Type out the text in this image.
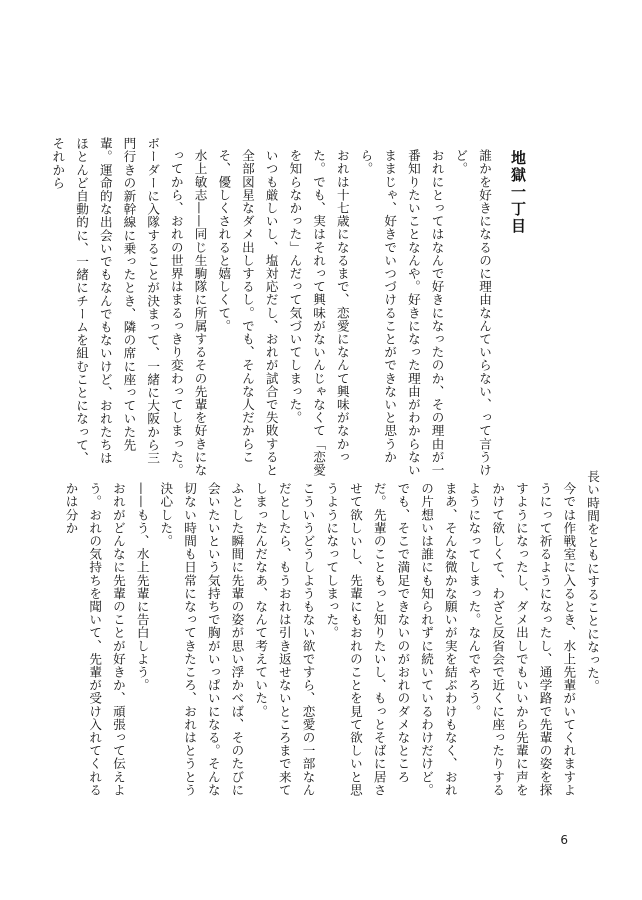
地獄一丁目

誰かを好きになるのに理由なんていらない、って言うけど。

おれにとってはなんで好きになったのか、その理由が一番知りたいことなんや。好きになった理由がわからないままじゃ、好きでいつづけることができないと思うから。

おれは十七歳になるまで、恋愛になんて興味がなかった。でも、実はそれって興味がないんじゃなくて「恋愛を知らなかった」んだって気づいてしまった。

いつも厳しいし、塩対応だし、おれが試合で失敗すると全部図星なダメ出しするし。でも、そんな人だからこそ、優しくされると嬉しくて。

水上敏志——同じ生駒隊に所属するその先輩を好きになってから、おれの世界はまるっきり変わってしまった。

ボーダーに入隊することが決まって、一緒に大阪から三門行きの新幹線に乗ったとき、隣の席に座っていた先輩。運命的な出会いでもなんでもないけど、おれたちはほとんど自動的に、一緒にチームを組むことになって、それから

長い時間をともにすることになった。

今では作戦室に入るとき、水上先輩がいてくれますようにって祈るようになったし、通学路で先輩の姿を探すようになったし、ダメ出しでもいいから先輩に声をかけて欲しくて、わざと反省会で近くに座ったりするようになってしまった。なんでやろう。

まあ、そんな微かな願いが実を結ぶわけもなく、おれの片想いは誰にも知られずに続いているわけだけど。

でも、そこで満足できないのがおれのダメなところだ。先輩のこともっと知りたいし、もっとそばに居させて欲しいし、先輩にもおれのことを見て欲しいと思うようになってしまった。

こういうどうしようもない欲ですら、恋愛の一部なんだとしたら、もうおれは引き返せないところまで来てしまったんだなあ、なんて考えていた。

ふとした瞬間に先輩の姿が思い浮かべば、そのたびに会いたいという気持ちで胸がいっぱいになる。そんな切ない時間も日常になってきたころ、おれはとうとう決心した。

——もう、水上先輩に告白しよう。

おれがどんなに先輩のことが好きか、頑張って伝えよう。おれの気持ちを聞いて、先輩が受け入れてくれるかは分か

6
